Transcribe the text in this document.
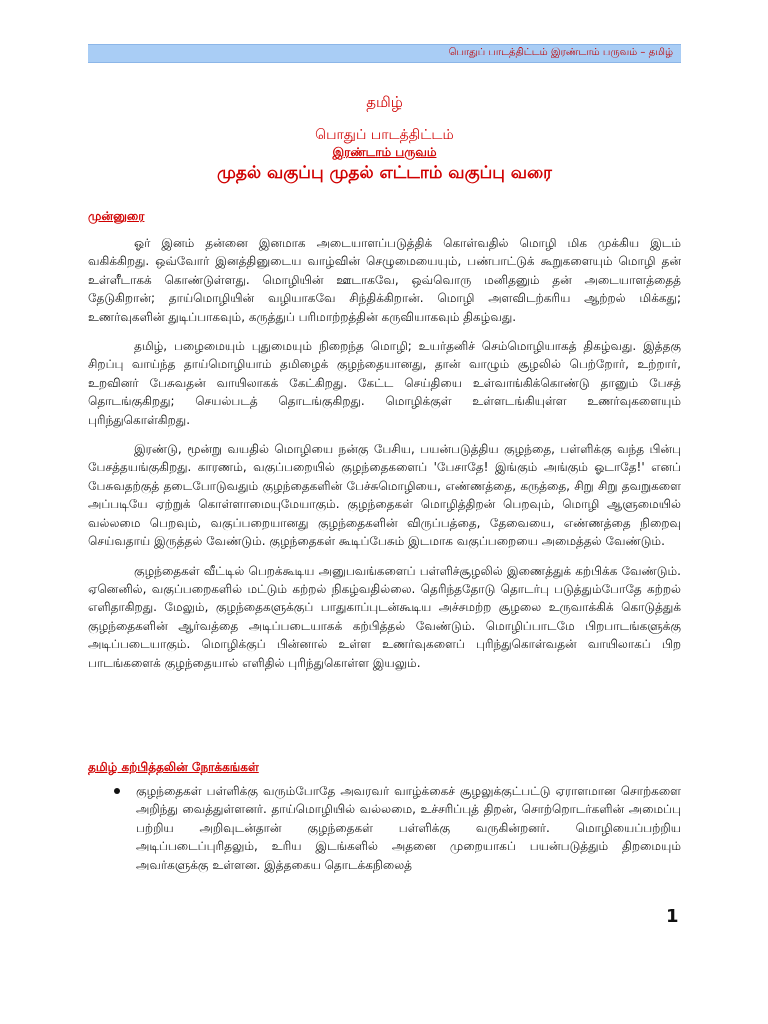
பொதுப் பாடத்திட்டம் இரண்டாம் பருவம் – தமிழ்
தமிழ்
பொதுப் பாடத்திட்டம்
இரண்டாம் பருவம்
முதல் வகுப்பு முதல் எட்டாம் வகுப்பு வரை
முன்னுரை

ஓர் இனம் தன்னை இனமாக அடையாளப்படுத்திக் கொள்வதில் மொழி மிக முக்கிய இடம் வகிக்கிறது. ஒவ்வோர் இனத்தினுடைய வாழ்வின் செழுமையையும், பண்பாட்டுக் கூறுகளையும் மொழி தன் உள்ளீடாகக் கொண்டுள்ளது. மொழியின் ஊடாகவே, ஒவ்வொரு மனிதனும் தன் அடையாளத்தைத் தேடுகிறான்; தாய்மொழியின் வழியாகவே சிந்திக்கிறான். மொழி அளவிடற்கரிய ஆற்றல் மிக்கது; உணர்வுகளின் துடிப்பாகவும், கருத்துப் பரிமாற்றத்தின் கருவியாகவும் திகழ்வது.

தமிழ், பழைமையும் புதுமையும் நிறைந்த மொழி; உயர்தனிச் செம்மொழியாகத் திகழ்வது. இத்தகு சிறப்பு வாய்ந்த தாய்மொழியாம் தமிழைக் குழந்தையானது, தான் வாழும் சூழலில் பெற்றோர், உற்றார், உறவினர் பேசுவதன் வாயிலாகக் கேட்கிறது. கேட்ட செய்தியை உள்வாங்கிக்கொண்டு தானும் பேசத் தொடங்குகிறது; செயல்படத் தொடங்குகிறது. மொழிக்குள் உள்ளடங்கியுள்ள உணர்வுகளையும் புரிந்துகொள்கிறது.

இரண்டு, மூன்று வயதில் மொழியை நன்கு பேசிய, பயன்படுத்திய குழந்தை, பள்ளிக்கு வந்த பின்பு பேசத்தயங்குகிறது. காரணம், வகுப்பறையில் குழந்தைகளைப் 'பேசாதே! இங்கும் அங்கும் ஓடாதே!' எனப் பேசுவதற்குத் தடைபோடுவதும் குழந்தைகளின் பேச்சுமொழியை, எண்ணத்தை, கருத்தை, சிறு சிறு தவறுகளை அப்படியே ஏற்றுக் கொள்ளாமையுமேயாகும். குழந்தைகள் மொழித்திறன் பெறவும், மொழி ஆளுமையில் வல்லமை பெறவும், வகுப்பறையானது குழந்தைகளின் விருப்பத்தை, தேவையை, எண்ணத்தை நிறைவு செய்வதாய் இருத்தல் வேண்டும். குழந்தைகள் கூடிப்பேசும் இடமாக வகுப்பறையை அமைத்தல் வேண்டும்.

குழந்தைகள் வீட்டில் பெறக்கூடிய அனுபவங்களைப் பள்ளிச்சூழலில் இணைத்துக் கற்பிக்க வேண்டும். ஏனெனில், வகுப்பறைகளில் மட்டும் கற்றல் நிகழ்வதில்லை. தெரிந்ததோடு தொடர்பு படுத்தும்போதே கற்றல் எளிதாகிறது. மேலும், குழந்தைகளுக்குப் பாதுகாப்புடன்கூடிய அச்சமற்ற சூழலை உருவாக்கிக் கொடுத்துக் குழந்தைகளின் ஆர்வத்தை அடிப்படையாகக் கற்பித்தல் வேண்டும். மொழிப்பாடமே பிறபாடங்களுக்கு அடிப்படையாகும். மொழிக்குப் பின்னால் உள்ள உணர்வுகளைப் புரிந்துகொள்வதன் வாயிலாகப் பிற பாடங்களைக் குழந்தையால் எளிதில் புரிந்துகொள்ள இயலும்.

தமிழ் கற்பித்தலின் நோக்கங்கள்
குழந்தைகள் பள்ளிக்கு வரும்போதே அவரவர் வாழ்க்கைச் சூழலுக்குட்பட்டு ஏராளமான சொற்களை அறிந்து வைத்துள்ளனர். தாய்மொழியில் வல்லமை, உச்சரிப்புத் திறன், சொற்றொடர்களின் அமைப்பு பற்றிய அறிவுடன்தான் குழந்தைகள் பள்ளிக்கு வருகின்றனர். மொழியைப்பற்றிய அடிப்படைப்புரிதலும், உரிய இடங்களில் அதனை முறையாகப் பயன்படுத்தும் திறமையும் அவர்களுக்கு உள்ளன. இத்தகைய தொடக்கநிலைத்
1
